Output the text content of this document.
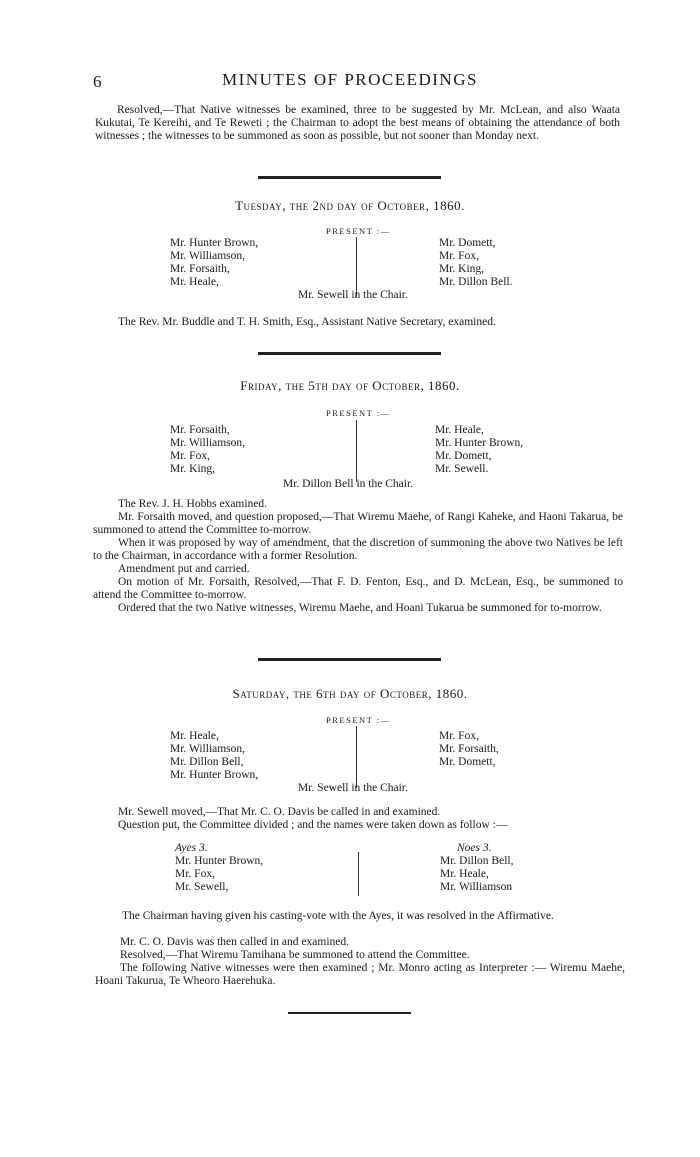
6	MINUTES OF PROCEEDINGS
Resolved,—That Native witnesses be examined, three to be suggested by Mr. McLean, and also Waata Kukutai, Te Kereihi, and Te Reweti ; the Chairman to adopt the best means of obtaining the attendance of both witnesses ; the witnesses to be summoned as soon as possible, but not sooner than Monday next.
Tuesday, the 2nd day of October, 1860.
PRESENT :—
Mr. Hunter Brown,
Mr. Williamson,
Mr. Forsaith,
Mr. Heale,
Mr. Domett,
Mr. Fox,
Mr. King,
Mr. Dillon Bell.
Mr. Sewell in the Chair.
The Rev. Mr. Buddle and T. H. Smith, Esq., Assistant Native Secretary, examined.
Friday, the 5th day of October, 1860.
PRESENT :—
Mr. Forsaith,
Mr. Williamson,
Mr. Fox,
Mr. King,
Mr. Heale,
Mr. Hunter Brown,
Mr. Domett,
Mr. Sewell.
Mr. Dillon Bell in the Chair.
The Rev. J. H. Hobbs examined.
Mr. Forsaith moved, and question proposed,—That Wiremu Maehe, of Rangi Kaheke, and Haoni Takarua, be summoned to attend the Committee to-morrow.
When it was proposed by way of amendment, that the discretion of summoning the above two Natives be left to the Chairman, in accordance with a former Resolution.
Amendment put and carried.
On motion of Mr. Forsaith, Resolved,—That F. D. Fenton, Esq., and D. McLean, Esq., be summoned to attend the Committee to-morrow.
Ordered that the two Native witnesses, Wiremu Maehe, and Hoani Tukarua be summoned for to-morrow.
Saturday, the 6th day of October, 1860.
PRESENT :—
Mr. Heale,
Mr. Williamson,
Mr. Dillon Bell,
Mr. Hunter Brown,
Mr. Fox,
Mr. Forsaith,
Mr. Domett,
Mr. Sewell in the Chair.
Mr. Sewell moved,—That Mr. C. O. Davis be called in and examined.
Question put, the Committee divided ; and the names were taken down as follow :—
Ayes 3.
Mr. Hunter Brown,
Mr. Fox,
Mr. Sewell,
Noes 3.
Mr. Dillon Bell,
Mr. Heale,
Mr. Williamson
The Chairman having given his casting-vote with the Ayes, it was resolved in the Affirmative.
Mr. C. O. Davis was then called in and examined.
Resolved,—That Wiremu Tamihana be summoned to attend the Committee.
The following Native witnesses were then examined ; Mr. Monro acting as Interpreter :— Wiremu Maehe, Hoani Takurua, Te Wheoro Haerehuka.
